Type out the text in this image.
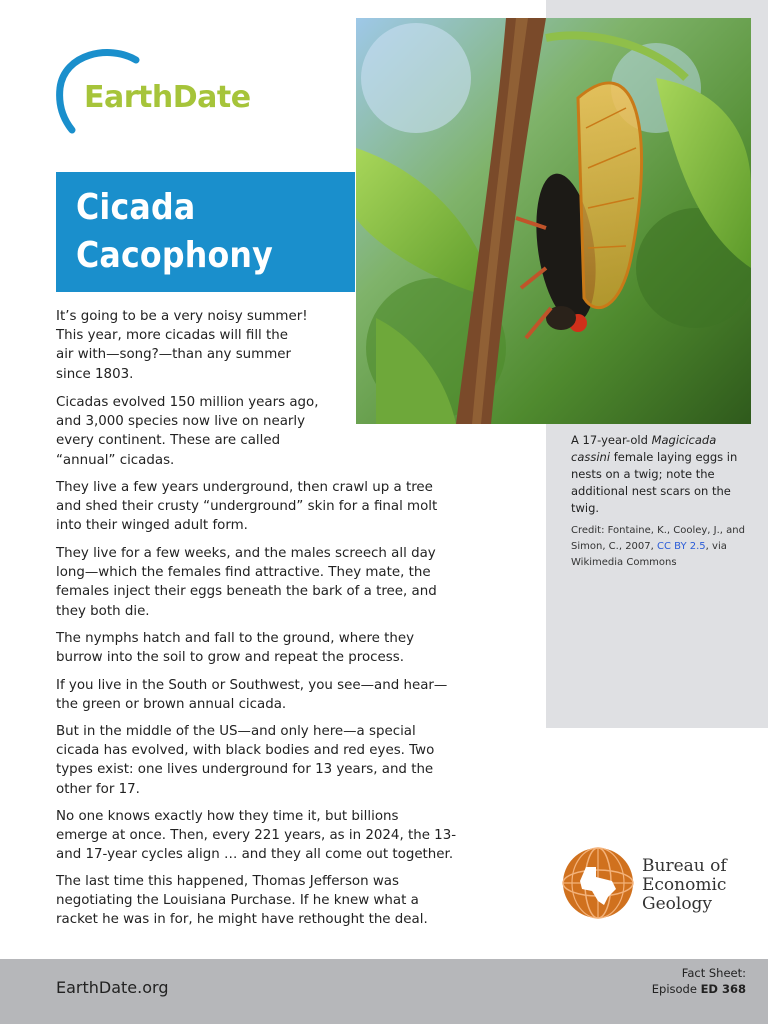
EarthDate
Cicada
Cacophony
A 17-year-old Magicicada cassini female laying eggs in nests on a twig; note the additional nest scars on the twig.
Credit: Fontaine, K., Cooley, J., and Simon, C., 2007, CC BY 2.5, via Wikimedia Commons
It’s going to be a very noisy summer!
This year, more cicadas will fill the
air with—song?—than any summer
since 1803.
Cicadas evolved 150 million years ago,
and 3,000 species now live on nearly
every continent. These are called
“annual” cicadas.
They live a few years underground, then crawl up a tree
and shed their crusty “underground” skin for a final molt
into their winged adult form.
They live for a few weeks, and the males screech all day
long—which the females find attractive. They mate, the
females inject their eggs beneath the bark of a tree, and
they both die.
The nymphs hatch and fall to the ground, where they
burrow into the soil to grow and repeat the process.
If you live in the South or Southwest, you see—and hear—
the green or brown annual cicada.
But in the middle of the US—and only here—a special
cicada has evolved, with black bodies and red eyes. Two
types exist: one lives underground for 13 years, and the
other for 17.
No one knows exactly how they time it, but billions
emerge at once. Then, every 221 years, as in 2024, the 13-
and 17-year cycles align … and they all come out together.
The last time this happened, Thomas Jefferson was
negotiating the Louisiana Purchase. If he knew what a
racket he was in for, he might have rethought the deal.
Bureau of
Economic
Geology
EarthDate.org
Fact Sheet:
Episode ED 368
